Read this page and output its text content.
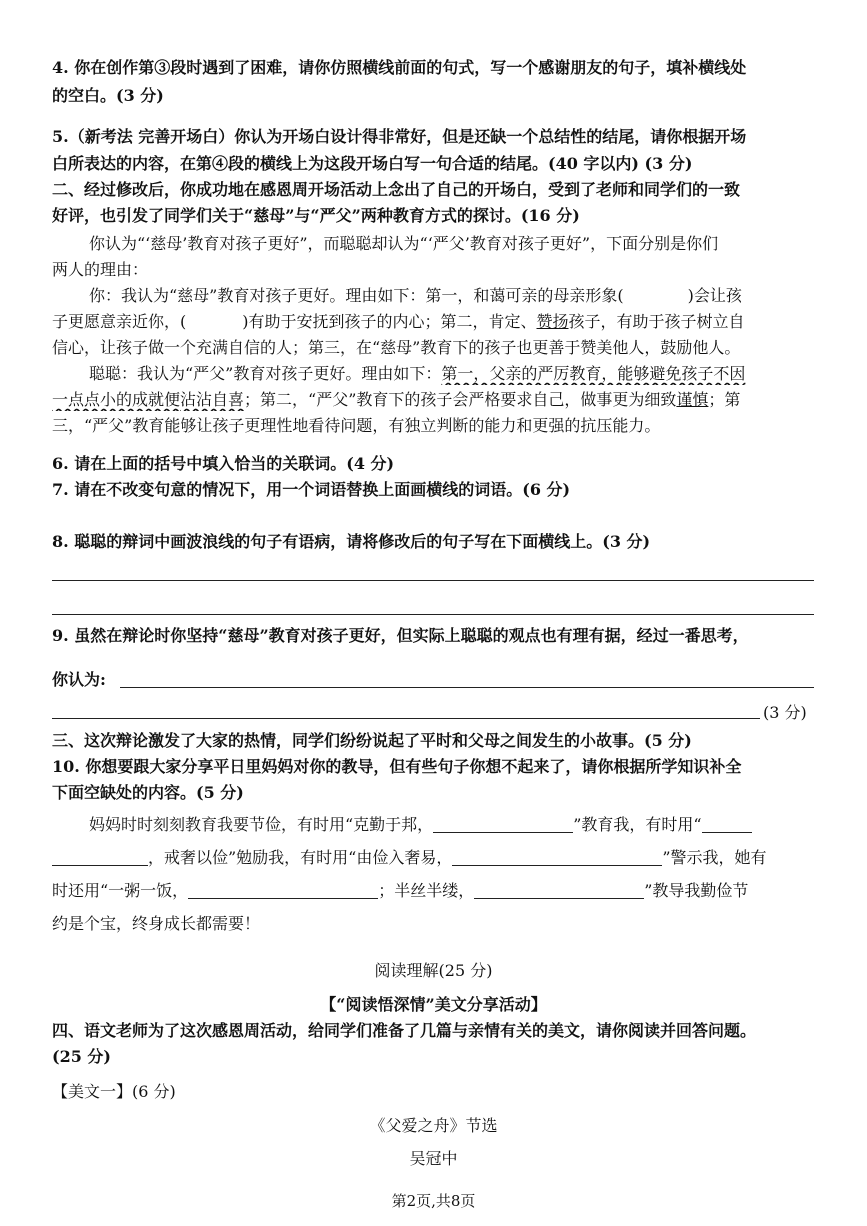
4. 你在创作第③段时遇到了困难，请你仿照横线前面的句式，写一个感谢朋友的句子，填补横线处
的空白。(3 分)
5.（新考法 完善开场白）你认为开场白设计得非常好，但是还缺一个总结性的结尾，请你根据开场
白所表达的内容，在第④段的横线上为这段开场白写一句合适的结尾。(40 字以内) (3 分)
二、经过修改后，你成功地在感恩周开场活动上念出了自己的开场白，受到了老师和同学们的一致
好评，也引发了同学们关于“慈母”与“严父”两种教育方式的探讨。(16 分)
你认为“‘慈母’教育对孩子更好”，而聪聪却认为“‘严父’教育对孩子更好”，下面分别是你们
两人的理由：
你：我认为“慈母”教育对孩子更好。理由如下：第一，和蔼可亲的母亲形象(	)会让孩
子更愿意亲近你，(	)有助于安抚到孩子的内心；第二，肯定、赞扬孩子，有助于孩子树立自
信心，让孩子做一个充满自信的人；第三，在“慈母”教育下的孩子也更善于赞美他人，鼓励他人。
聪聪：我认为“严父”教育对孩子更好。理由如下：第一，父亲的严厉教育，能够避免孩子不因
一点点小的成就便沾沾自喜；第二，“严父”教育下的孩子会严格要求自己，做事更为细致谨慎；第
三，“严父”教育能够让孩子更理性地看待问题，有独立判断的能力和更强的抗压能力。
6. 请在上面的括号中填入恰当的关联词。(4 分)
7. 请在不改变句意的情况下，用一个词语替换上面画横线的词语。(6 分)
8. 聪聪的辩词中画波浪线的句子有语病，请将修改后的句子写在下面横线上。(3 分)
9. 虽然在辩论时你坚持“慈母”教育对孩子更好，但实际上聪聪的观点也有理有据，经过一番思考，
你认为:
(3 分)
三、这次辩论激发了大家的热情，同学们纷纷说起了平时和父母之间发生的小故事。(5 分)
10. 你想要跟大家分享平日里妈妈对你的教导，但有些句子你想不起来了，请你根据所学知识补全
下面空缺处的内容。(5 分)
妈妈时时刻刻教育我要节俭，有时用“克勤于邦，	”教育我，有时用“
，戒奢以俭”勉励我，有时用“由俭入奢易，	”警示我，她有
时还用“一粥一饭，	；半丝半缕，	”教导我勤俭节
约是个宝，终身成长都需要！
阅读理解(25 分)
【“阅读悟深情”美文分享活动】
四、语文老师为了这次感恩周活动，给同学们准备了几篇与亲情有关的美文，请你阅读并回答问题。
(25 分)
【美文一】(6 分)
《父爱之舟》节选
吴冠中
第2页,共8页
